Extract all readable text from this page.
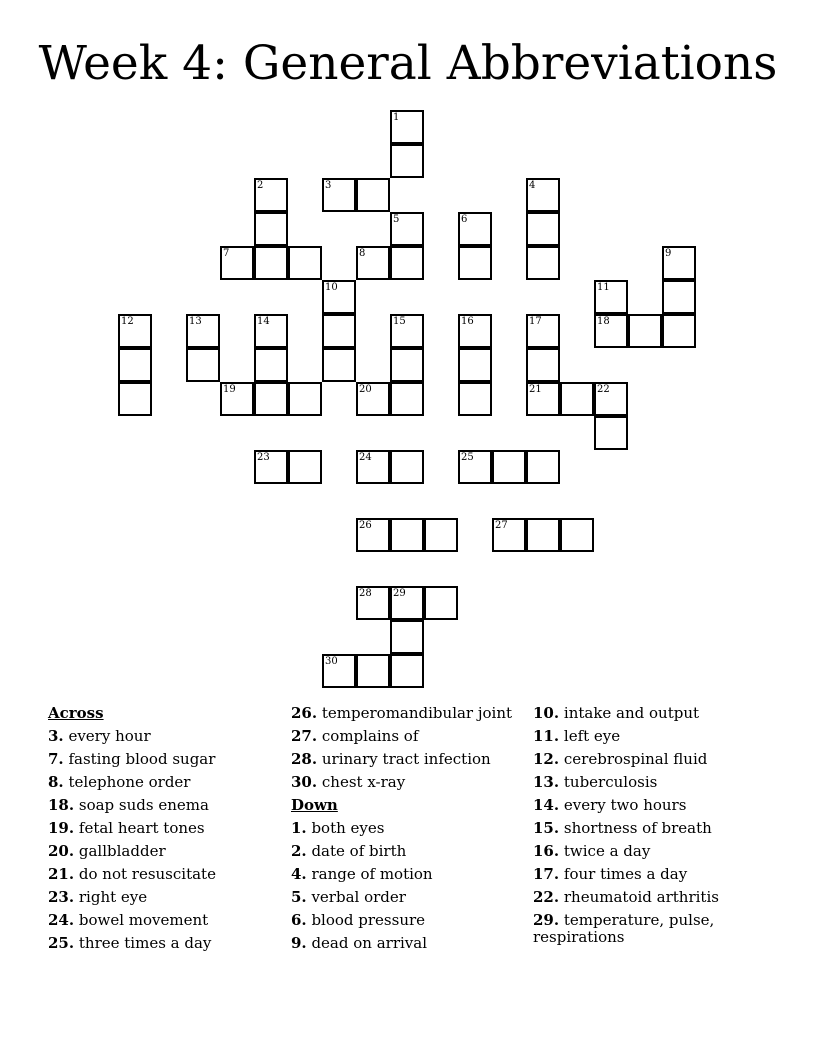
Week 4: General Abbreviations
1
2	3	4
5	6
7	8	9
10	11
12	13	14	15	16	17	18
19	20	21	22
23	24	25
26	27
28 29
30
Across
3. every hour
7. fasting blood sugar
8. telephone order
18. soap suds enema
19. fetal heart tones
20. gallbladder
21. do not resuscitate
23. right eye
24. bowel movement
25. three times a day
26. temperomandibular joint
27. complains of
28. urinary tract infection
30. chest x-ray
Down
1. both eyes
2. date of birth
4. range of motion
5. verbal order
6. blood pressure
9. dead on arrival
10. intake and output
11. left eye
12. cerebrospinal fluid
13. tuberculosis
14. every two hours
15. shortness of breath
16. twice a day
17. four times a day
22. rheumatoid arthritis
29. temperature, pulse, respirations
